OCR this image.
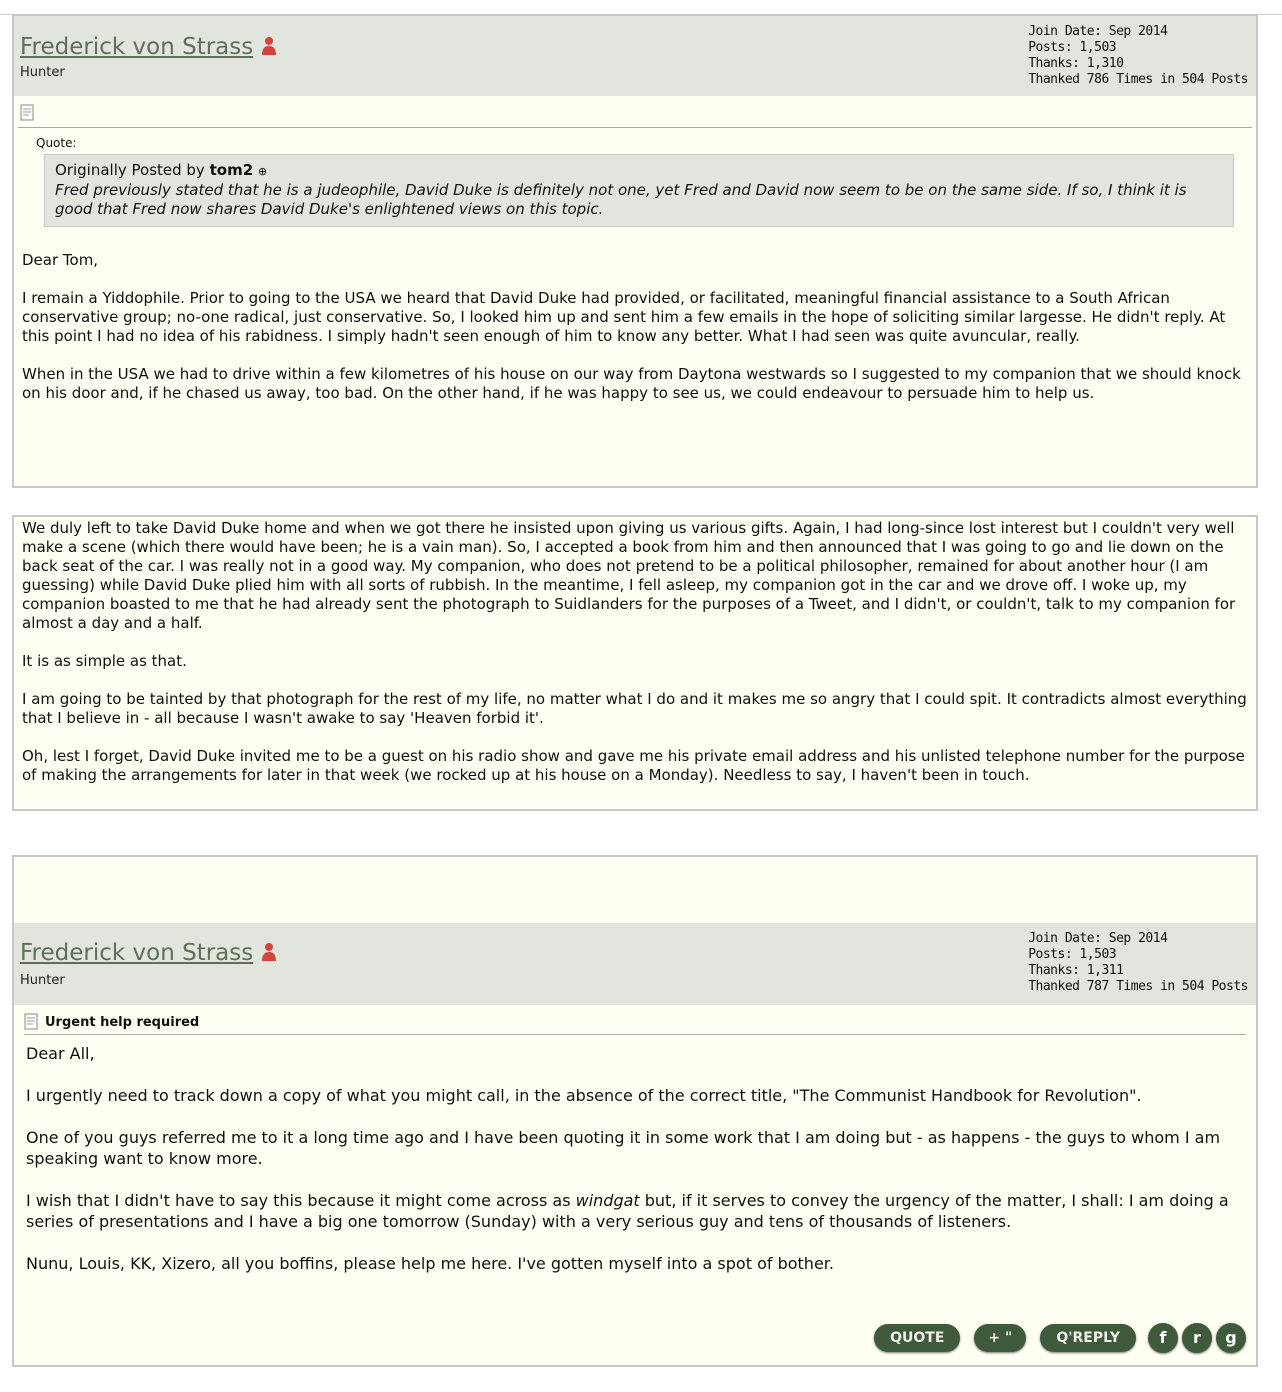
Frederick von Strass
Hunter
Join Date: Sep 2014
Posts: 1,503
Thanks: 1,310
Thanked 786 Times in 504 Posts
Quote:
Originally Posted by tom2 ⊕
Fred previously stated that he is a judeophile, David Duke is definitely not one, yet Fred and David now seem to be on the same side. If so, I think it is good that Fred now shares David Duke's enlightened views on this topic.

Dear Tom,

I remain a Yiddophile. Prior to going to the USA we heard that David Duke had provided, or facilitated, meaningful financial assistance to a South African conservative group; no-one radical, just conservative. So, I looked him up and sent him a few emails in the hope of soliciting similar largesse. He didn't reply. At this point I had no idea of his rabidness. I simply hadn't seen enough of him to know any better. What I had seen was quite avuncular, really.

When in the USA we had to drive within a few kilometres of his house on our way from Daytona westwards so I suggested to my companion that we should knock on his door and, if he chased us away, too bad. On the other hand, if he was happy to see us, we could endeavour to persuade him to help us.

We duly left to take David Duke home and when we got there he insisted upon giving us various gifts. Again, I had long-since lost interest but I couldn't very well make a scene (which there would have been; he is a vain man). So, I accepted a book from him and then announced that I was going to go and lie down on the back seat of the car. I was really not in a good way. My companion, who does not pretend to be a political philosopher, remained for about another hour (I am guessing) while David Duke plied him with all sorts of rubbish. In the meantime, I fell asleep, my companion got in the car and we drove off. I woke up, my companion boasted to me that he had already sent the photograph to Suidlanders for the purposes of a Tweet, and I didn't, or couldn't, talk to my companion for almost a day and a half.

It is as simple as that.

I am going to be tainted by that photograph for the rest of my life, no matter what I do and it makes me so angry that I could spit. It contradicts almost everything that I believe in - all because I wasn't awake to say 'Heaven forbid it'.

Oh, lest I forget, David Duke invited me to be a guest on his radio show and gave me his private email address and his unlisted telephone number for the purpose of making the arrangements for later in that week (we rocked up at his house on a Monday). Needless to say, I haven't been in touch.

Frederick von Strass
Hunter
Join Date: Sep 2014
Posts: 1,503
Thanks: 1,311
Thanked 787 Times in 504 Posts
Urgent help required

Dear All,

I urgently need to track down a copy of what you might call, in the absence of the correct title, "The Communist Handbook for Revolution".

One of you guys referred me to it a long time ago and I have been quoting it in some work that I am doing but - as happens - the guys to whom I am speaking want to know more.

I wish that I didn't have to say this because it might come across as windgat but, if it serves to convey the urgency of the matter, I shall: I am doing a series of presentations and I have a big one tomorrow (Sunday) with a very serious guy and tens of thousands of listeners.

Nunu, Louis, KK, Xizero, all you boffins, please help me here. I've gotten myself into a spot of bother.

QUOTE	+ "	Q'REPLY	f	r	g
